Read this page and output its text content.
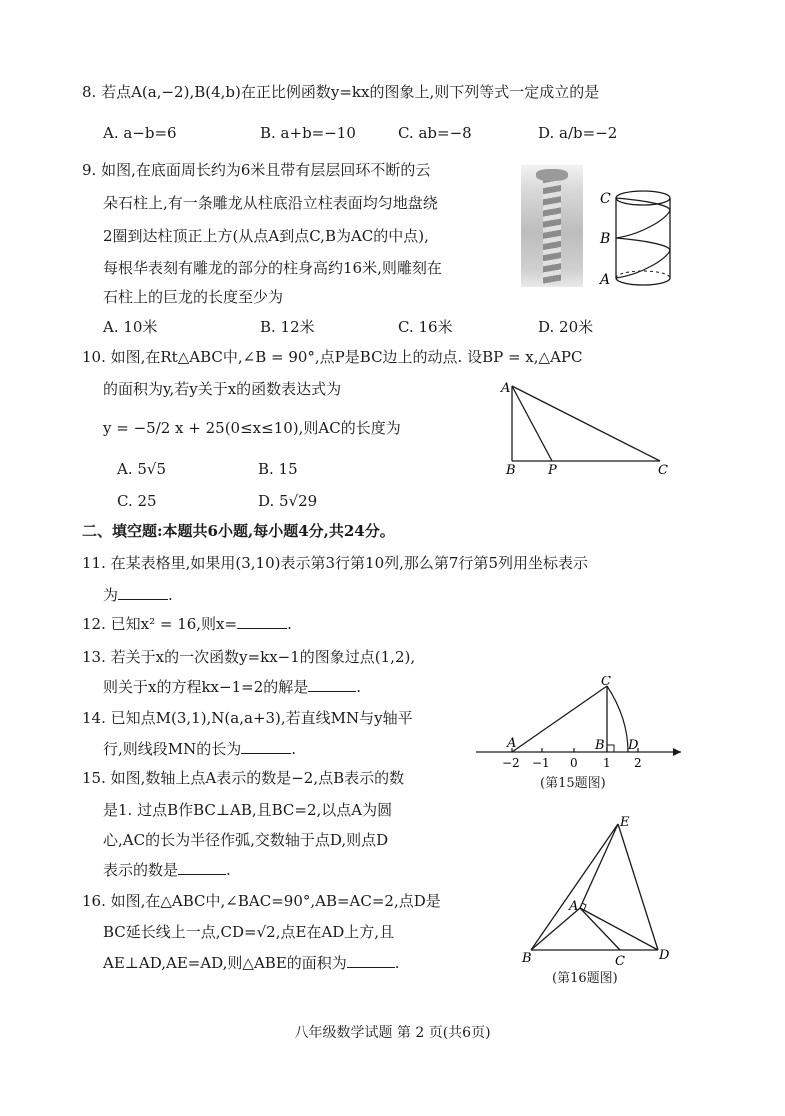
8. 若点A(a,−2),B(4,b)在正比例函数y=kx的图象上,则下列等式一定成立的是
A. a−b=6	B. a+b=−10	C. ab=−8	D. a/b=−2
9. 如图,在底面周长约为6米且带有层层回环不断的云
朵石柱上,有一条雕龙从柱底沿立柱表面均匀地盘绕
2圈到达柱顶正上方(从点A到点C,B为AC的中点),
每根华表刻有雕龙的部分的柱身高约16米,则雕刻在
石柱上的巨龙的长度至少为
A. 10米	B. 12米	C. 16米	D. 20米
C
B
A
10. 如图,在Rt△ABC中,∠B = 90°,点P是BC边上的动点. 设BP = x,△APC
的面积为y,若y关于x的函数表达式为
y = −5/2 x + 25(0≤x≤10),则AC的长度为
A. 5√5	B. 15
C. 25	D. 5√29
A
B P	C
二、填空题:本题共6小题,每小题4分,共24分。
11. 在某表格里,如果用(3,10)表示第3行第10列,那么第7行第5列用坐标表示
为	.
12. 已知x² = 16,则x=	.
13. 若关于x的一次函数y=kx−1的图象过点(1,2),
则关于x的方程kx−1=2的解是	.
14. 已知点M(3,1),N(a,a+3),若直线MN与y轴平
行,则线段MN的长为	.
15. 如图,数轴上点A表示的数是−2,点B表示的数
是1. 过点B作BC⊥AB,且BC=2,以点A为圆
心,AC的长为半径作弧,交数轴于点D,则点D
表示的数是	.
C
A	B D
−2 −1 0 1 2
(第15题图)
16. 如图,在△ABC中,∠BAC=90°,AB=AC=2,点D是
BC延长线上一点,CD=√2,点E在AD上方,且
AE⊥AD,AE=AD,则△ABE的面积为	.
E
A
B	C	D
(第16题图)
八年级数学试题 第 2 页(共6页)
